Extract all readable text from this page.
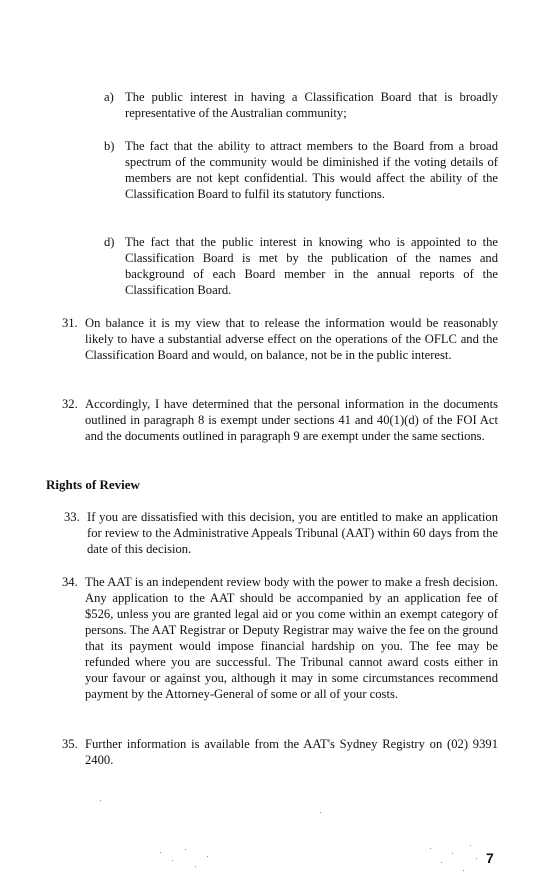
a) The public interest in having a Classification Board that is broadly representative of the Australian community;
b) The fact that the ability to attract members to the Board from a broad spectrum of the community would be diminished if the voting details of members are not kept confidential. This would affect the ability of the Classification Board to fulfil its statutory functions.
d) The fact that the public interest in knowing who is appointed to the Classification Board is met by the publication of the names and background of each Board member in the annual reports of the Classification Board.
31. On balance it is my view that to release the information would be reasonably likely to have a substantial adverse effect on the operations of the OFLC and the Classification Board and would, on balance, not be in the public interest.
32. Accordingly, I have determined that the personal information in the documents outlined in paragraph 8 is exempt under sections 41 and 40(1)(d) of the FOI Act and the documents outlined in paragraph 9 are exempt under the same sections.
Rights of Review
33. If you are dissatisfied with this decision, you are entitled to make an application for review to the Administrative Appeals Tribunal (AAT) within 60 days from the date of this decision.
34. The AAT is an independent review body with the power to make a fresh decision. Any application to the AAT should be accompanied by an application fee of $526, unless you are granted legal aid or you come within an exempt category of persons. The AAT Registrar or Deputy Registrar may waive the fee on the ground that its payment would impose financial hardship on you. The fee may be refunded where you are successful. The Tribunal cannot award costs either in your favour or against you, although it may in some circumstances recommend payment by the Attorney-General of some or all of your costs.
35. Further information is available from the AAT's Sydney Registry on (02) 9391 2400.
7
